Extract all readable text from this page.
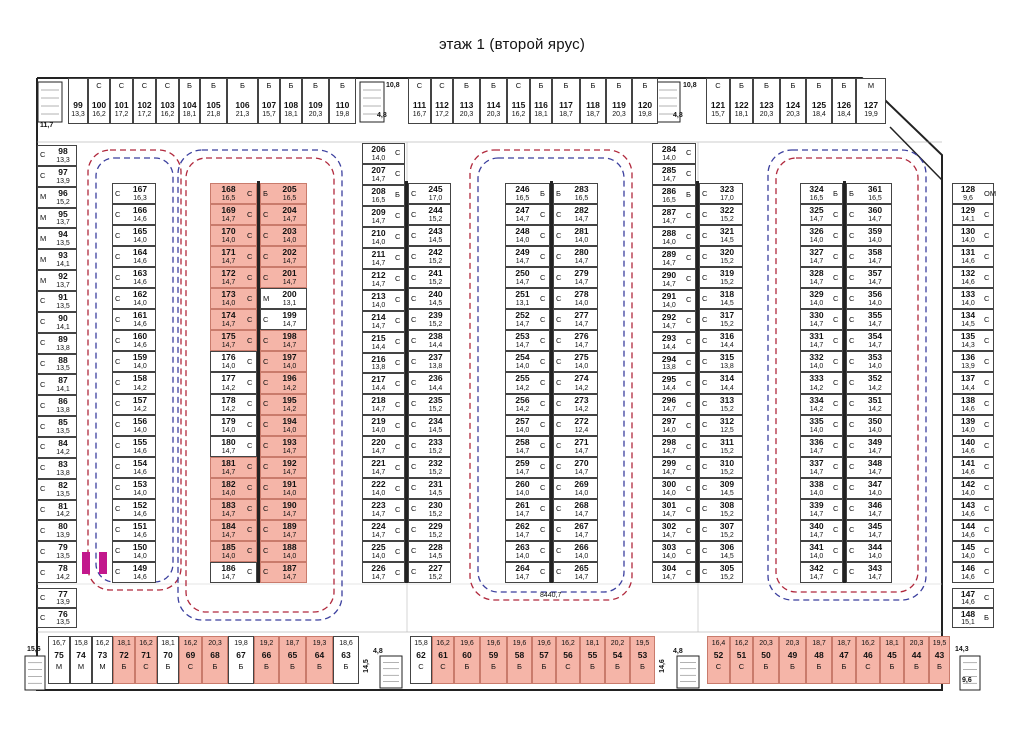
этаж 1 (второй ярус)
99
13,3
С
100
16,2
С
101
17,2
С
102
17,2
С
103
16,2
Б
104
18,1
Б
105
21,8
Б
106
21,3
Б
107
15,7
Б
108
18,1
Б
109
20,3
Б
110
19,8
С
111
16,7
С
112
17,2
Б
113
20,3
Б
114
20,3
С
115
16,2
Б
116
18,1
Б
117
18,7
Б
118
18,7
Б
119
20,3
Б
120
19,8
С
121
15,7
Б
122
18,1
Б
123
20,3
Б
124
20,3
Б
125
18,4
Б
126
18,4
М
127
19,9
М
75
16,7
М
74
15,8
М
73
16,2
Б
72
18,1
С
71
16,2
Б
70
18,1
С
69
16,2
Б
68
20,3
Б
67
19,8
Б
66
19,2
Б
65
18,7
Б
64
19,3
Б
63
18,6
С
62
15,8
С
61
16,2
Б
60
19,6
Б
59
19,6
Б
58
19,6
Б
57
19,6
С
56
16,2
Б
55
18,1
Б
54
20,2
Б
53
19,5
С
52
16,4
С
51
16,2
Б
50
20,3
Б
49
20,3
Б
48
18,7
Б
47
18,7
С
46
16,2
Б
45
18,1
Б
44
20,3
Б
43
19,5
С	98
13,3
С	97
13,9
М	96
15,2
М	95
13,7
М	94
13,5
М	93
14,1
М	92
13,7
С	91
13,5
С	90
14,1
С	89
13,8
С	88
13,5
С	87
14,1
С	86
13,8
С	85
13,5
С	84
14,2
С	83
13,8
С	82
13,5
С	81
14,2
С	80
13,9
С	79
13,5
С	78
14,2
С	77
13,9
С	76
13,5
ОМ
128
9,6
С
129
14,1
С
130
14,0
С
131
14,6
С
132
14,6
С
133
14,0
С
134
14,5
С
135
14,3
С
136
13,9
С
137
14,4
С
138
14,6
С
139
14,0
С
140
14,6
С
141
14,6
С
142
14,0
С
143
14,6
С
144
14,6
С
145
14,0
С
146
14,6
С
147
14,6
Б
148
15,1
С	167
16,3
С	166
14,6
С	165
14,0
С	164
14,6
С	163
14,6
С	162
14,0
С	161
14,6
С	160
14,6
С	159
14,0
С	158
14,2
С	157
14,2
С	156
14,0
С	155
14,6
С	154
14,6
С	153
14,0
С	152
14,6
С	151
14,6
С	150
14,0
С	149
14,6
С
168
16,5
С
169
14,7
С
170
14,0
С
171
14,7
С
172
14,7
С
173
14,0
С
174
14,7
С
175
14,7
С
176
14,0
С
177
14,2
С
178
14,2
С
179
14,0
С
180
14,7
С
181
14,7
С
182
14,0
С
183
14,7
С
184
14,7
С
185
14,0
С
186
14,7
Б	205
16,5
С	204
14,7
С	203
14,0
С	202
14,7
С	201
14,7
М	200
13,1
С	199
14,7
С	198
14,7
С	197
14,0
С	196
14,2
С	195
14,2
С	194
14,0
С	193
14,7
С	192
14,7
С	191
14,0
С	190
14,7
С	189
14,7
С	188
14,0
С	187
14,7
С
206
14,0
С
207
14,7
Б
208
16,5
С
209
14,7
С
210
14,0
С
211
14,7
С
212
14,7
С
213
14,0
С
214
14,7
С
215
14,4
С
216
13,8
С
217
14,4
С
218
14,7
С
219
14,0
С
220
14,7
С
221
14,7
С
222
14,0
С
223
14,7
С
224
14,7
С
225
14,0
С
226
14,7
С	245
17,0
С	244
15,2
С	243
14,5
С	242
15,2
С	241
15,2
С	240
14,5
С	239
15,2
С	238
14,4
С	237
13,8
С	236
14,4
С	235
15,2
С	234
14,5
С	233
15,2
С	232
15,2
С	231
14,5
С	230
15,2
С	229
15,2
С	228
14,5
С	227
15,2
Б
246
16,5
С
247
14,7
С
248
14,0
С
249
14,7
С
250
14,7
С
251
13,1
С
252
14,7
С
253
14,7
С
254
14,0
С
255
14,2
С
256
14,2
С
257
14,0
С
258
14,7
С
259
14,7
С
260
14,0
С
261
14,7
С
262
14,7
С
263
14,0
С
264
14,7
Б	283
16,5
С	282
14,7
С	281
14,0
С	280
14,7
С	279
14,7
С	278
14,0
С	277
14,7
С	276
14,7
С	275
14,0
С	274
14,2
С	273
14,2
С	272
12,4
С	271
14,7
С	270
14,7
С	269
14,0
С	268
14,7
С	267
14,7
С	266
14,0
С	265
14,7
С
284
14,0
С
285
14,7
Б
286
16,5
С
287
14,7
С
288
14,0
С
289
14,7
С
290
14,7
С
291
14,0
С
292
14,7
С
293
14,4
С
294
13,8
С
295
14,4
С
296
14,7
С
297
14,0
С
298
14,7
С
299
14,7
С
300
14,0
С
301
14,7
С
302
14,7
С
303
14,0
С
304
14,7
С	323
17,0
С	322
15,2
С	321
14,5
С	320
15,2
С	319
15,2
С	318
14,5
С	317
15,2
С	316
14,4
С	315
13,8
С	314
14,4
С	313
15,2
С	312
12,5
С	311
15,2
С	310
15,2
С	309
14,5
С	308
15,2
С	307
15,2
С	306
14,5
С	305
15,2
Б
324
16,5
С
325
14,7
С
326
14,0
С
327
14,7
С
328
14,7
С
329
14,0
С
330
14,7
С
331
14,7
С
332
14,0
С
333
14,2
С
334
14,2
С
335
14,0
С
336
14,7
С
337
14,7
С
338
14,0
С
339
14,7
С
340
14,7
С
341
14,0
С
342
14,7
Б	361
16,5
С	360
14,7
С	359
14,0
С	358
14,7
С	357
14,7
С	356
14,0
С	355
14,7
С	354
14,7
С	353
14,0
С	352
14,2
С	351
14,2
С	350
14,0
С	349
14,7
С	348
14,7
С	347
14,0
С	346
14,7
С	345
14,7
С	344
14,0
С	343
14,7
11,7
10,8
4,8
10,8
4,8
4,8
14,5
4,8
14,6
15,6	14,3
9,6
8440,7
